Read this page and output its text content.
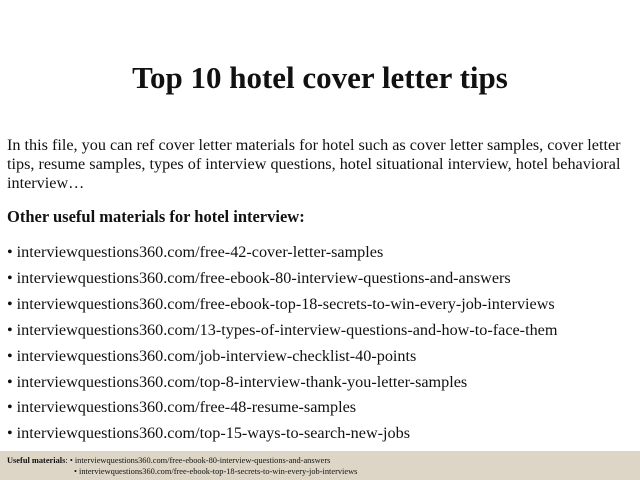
Top 10 hotel cover letter tips

In this file, you can ref cover letter materials for hotel such as cover letter samples, cover letter tips, resume samples, types of interview questions, hotel situational interview, hotel behavioral interview…

Other useful materials for hotel interview:

• interviewquestions360.com/free-42-cover-letter-samples
• interviewquestions360.com/free-ebook-80-interview-questions-and-answers
• interviewquestions360.com/free-ebook-top-18-secrets-to-win-every-job-interviews
• interviewquestions360.com/13-types-of-interview-questions-and-how-to-face-them
• interviewquestions360.com/job-interview-checklist-40-points
• interviewquestions360.com/top-8-interview-thank-you-letter-samples
• interviewquestions360.com/free-48-resume-samples
• interviewquestions360.com/top-15-ways-to-search-new-jobs
Useful materials: • interviewquestions360.com/free-ebook-80-interview-questions-and-answers
• interviewquestions360.com/free-ebook-top-18-secrets-to-win-every-job-interviews
